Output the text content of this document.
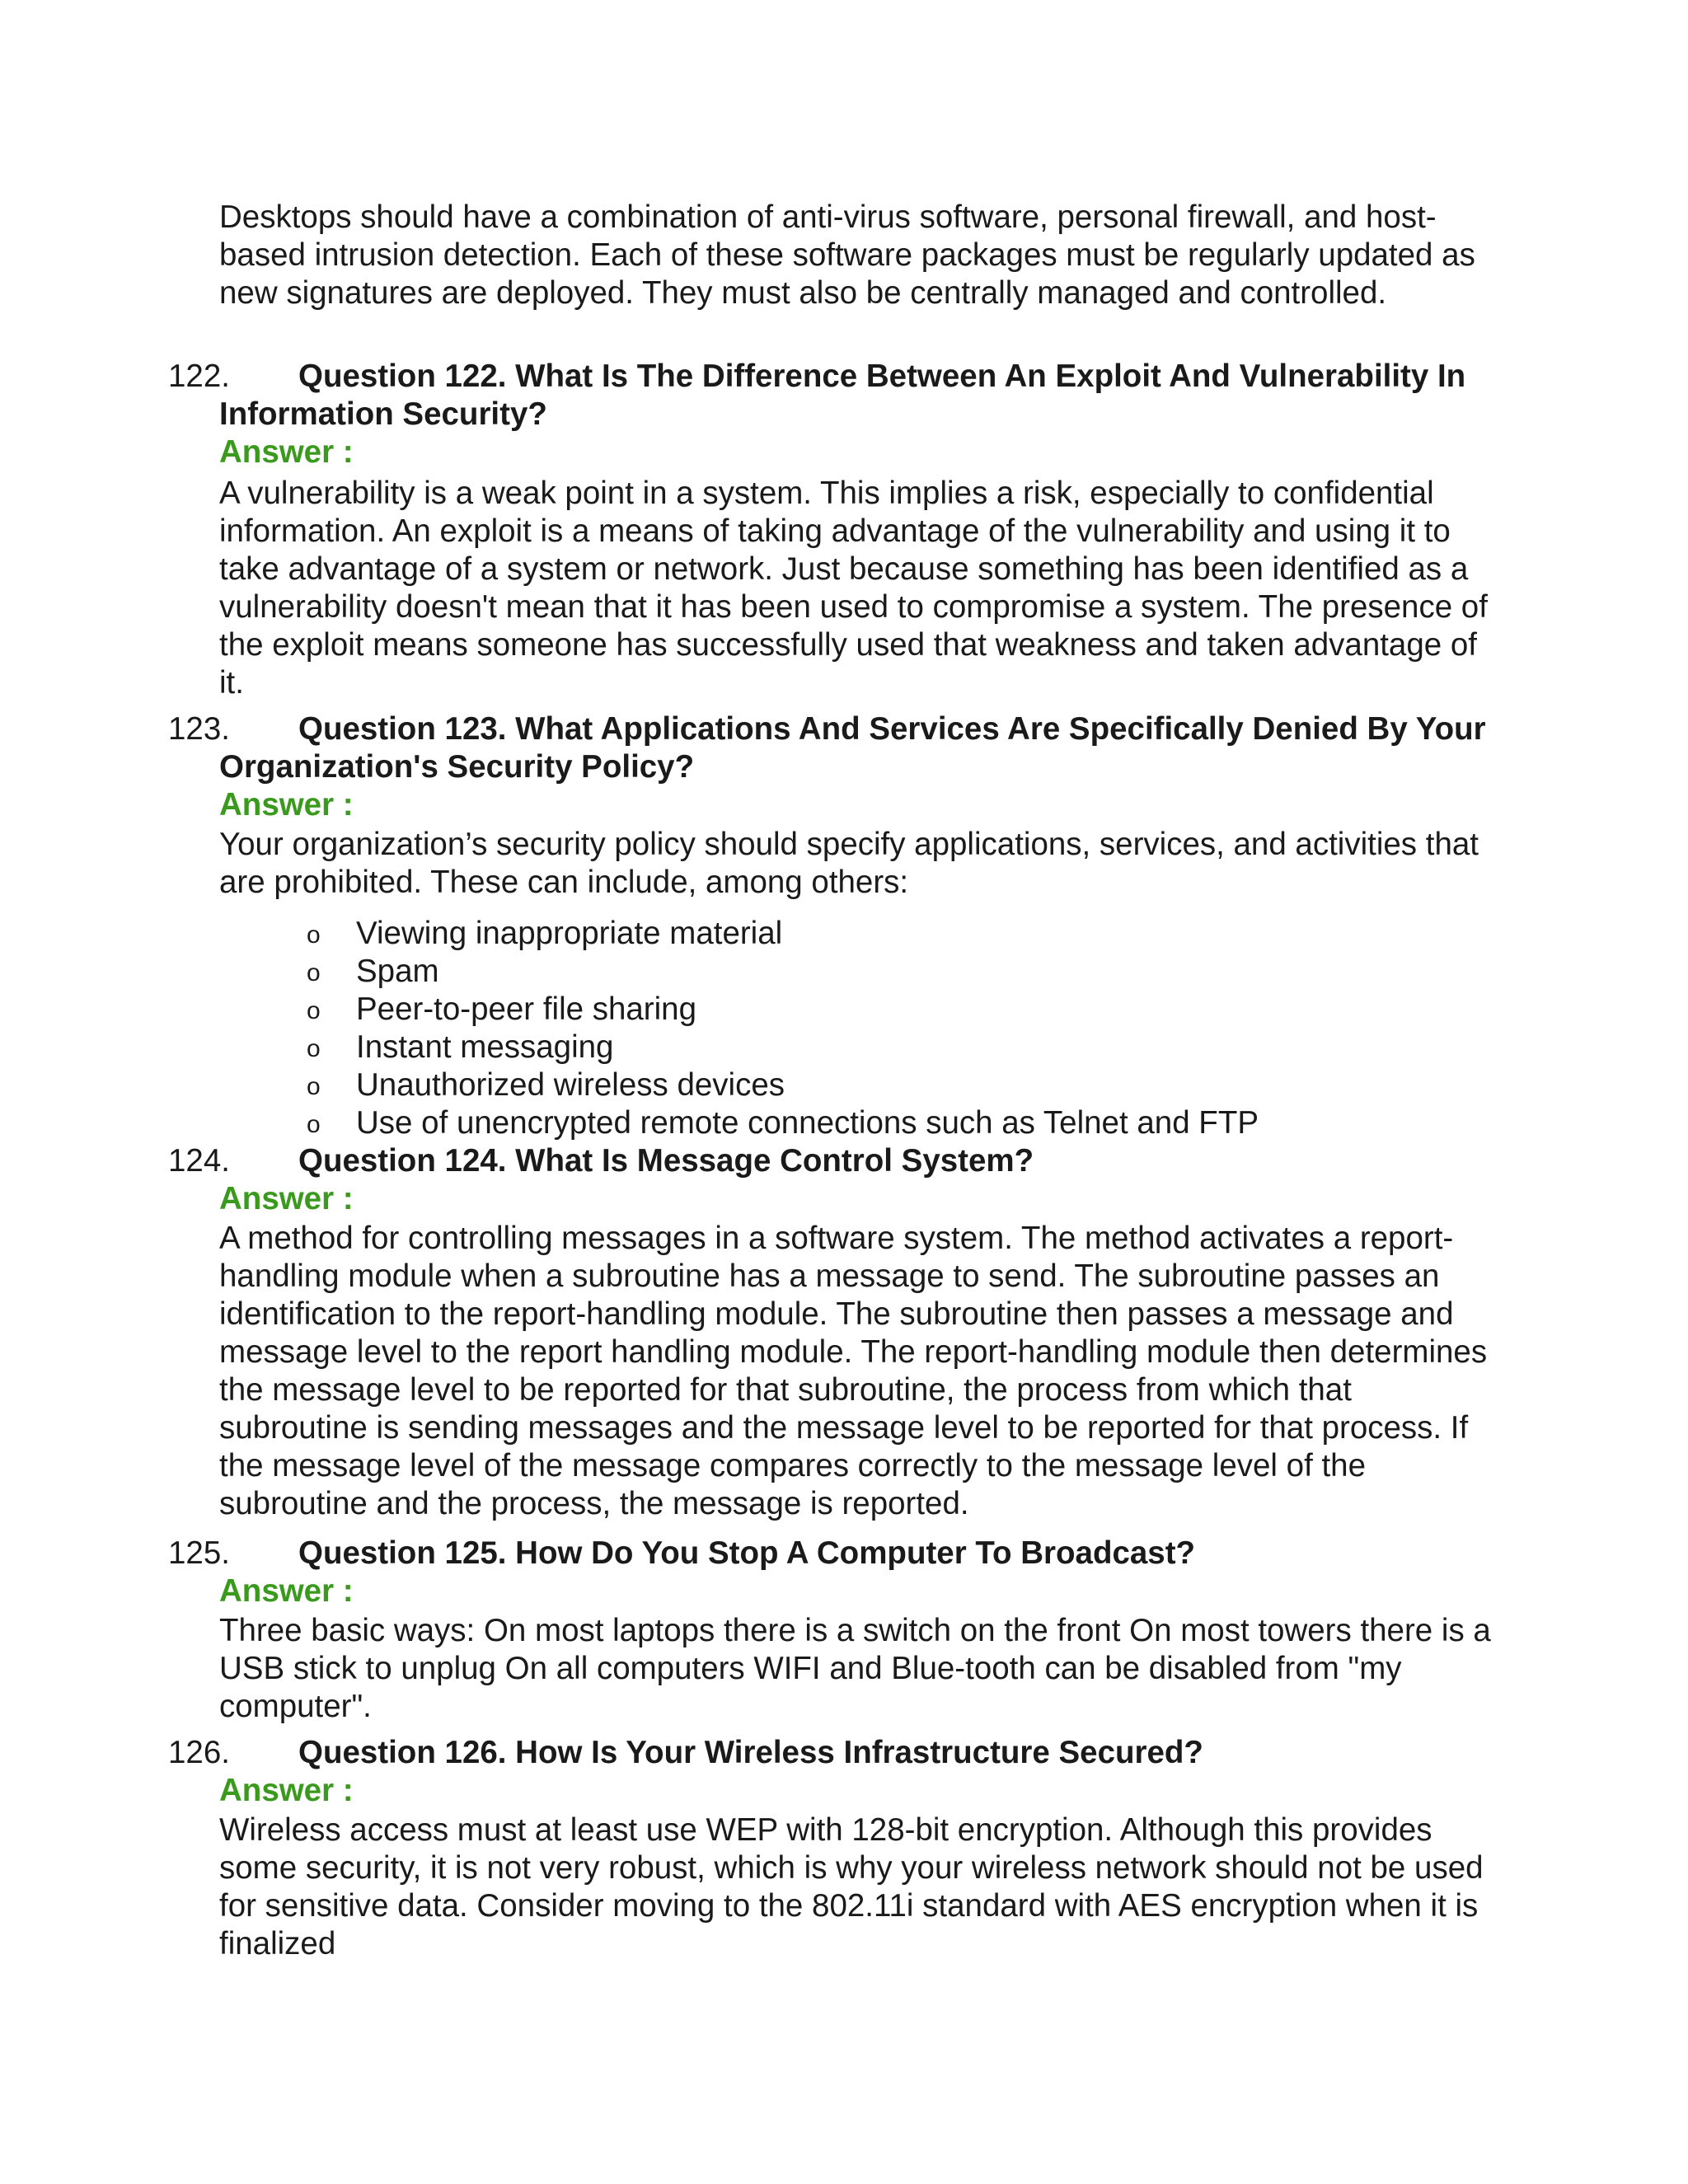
Desktops should have a combination of anti-virus software, personal firewall, and host-based intrusion detection. Each of these software packages must be regularly updated as new signatures are deployed. They must also be centrally managed and controlled.

122.	Question 122. What Is The Difference Between An Exploit And Vulnerability In Information Security?

Answer :

A vulnerability is a weak point in a system. This implies a risk, especially to confidential information. An exploit is a means of taking advantage of the vulnerability and using it to take advantage of a system or network. Just because something has been identified as a vulnerability doesn't mean that it has been used to compromise a system. The presence of the exploit means someone has successfully used that weakness and taken advantage of it.

123.	Question 123. What Applications And Services Are Specifically Denied By Your Organization's Security Policy?

Answer :

Your organization’s security policy should specify applications, services, and activities that are prohibited. These can include, among others:

o Viewing inappropriate material
o Spam
o Peer-to-peer file sharing
o Instant messaging
o Unauthorized wireless devices
o Use of unencrypted remote connections such as Telnet and FTP
124.	Question 124. What Is Message Control System?

Answer :

A method for controlling messages in a software system. The method activates a report-handling module when a subroutine has a message to send. The subroutine passes an identification to the report-handling module. The subroutine then passes a message and message level to the report handling module. The report-handling module then determines the message level to be reported for that subroutine, the process from which that subroutine is sending messages and the message level to be reported for that process. If the message level of the message compares correctly to the message level of the subroutine and the process, the message is reported.

125.	Question 125. How Do You Stop A Computer To Broadcast?

Answer :

Three basic ways: On most laptops there is a switch on the front On most towers there is a USB stick to unplug On all computers WIFI and Blue-tooth can be disabled from "my computer".

126.	Question 126. How Is Your Wireless Infrastructure Secured?

Answer :

Wireless access must at least use WEP with 128-bit encryption. Although this provides some security, it is not very robust, which is why your wireless network should not be used for sensitive data. Consider moving to the 802.11i standard with AES encryption when it is finalized
